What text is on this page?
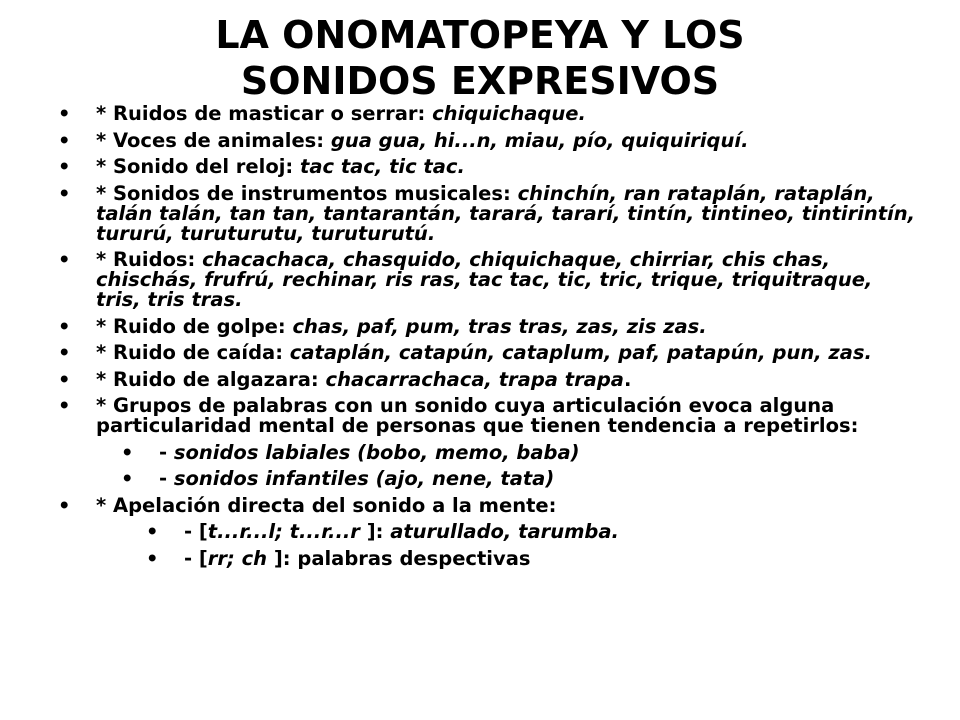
LA ONOMATOPEYA Y LOS
SONIDOS EXPRESIVOS
• * Ruidos de masticar o serrar: chiquichaque.
• * Voces de animales: gua gua, hi...n, miau, pío, quiquiriquí.
• * Sonido del reloj: tac tac, tic tac.
• * Sonidos de instrumentos musicales: chinchín, ran rataplán, rataplán, talán talán, tan tan, tantarantán, tarará, tararí, tintín, tintineo, tintirintín, tururú, turuturutu, turuturutú.
• * Ruidos: chacachaca, chasquido, chiquichaque, chirriar, chis chas, chischás, frufrú, rechinar, ris ras, tac tac, tic, tric, trique, triquitraque, tris, tris tras.
• * Ruido de golpe: chas, paf, pum, tras tras, zas, zis zas.
• * Ruido de caída: cataplán, catapún, cataplum, paf, patapún, pun, zas.
• * Ruido de algazara: chacarrachaca, trapa trapa.
• * Grupos de palabras con un sonido cuya articulación evoca alguna particularidad mental de personas que tienen tendencia a repetirlos:
• - sonidos labiales (bobo, memo, baba)
• - sonidos infantiles (ajo, nene, tata)
• * Apelación directa del sonido a la mente:
• - [t...r...l; t...r...r ]: aturullado, tarumba.
• - [rr; ch ]: palabras despectivas
